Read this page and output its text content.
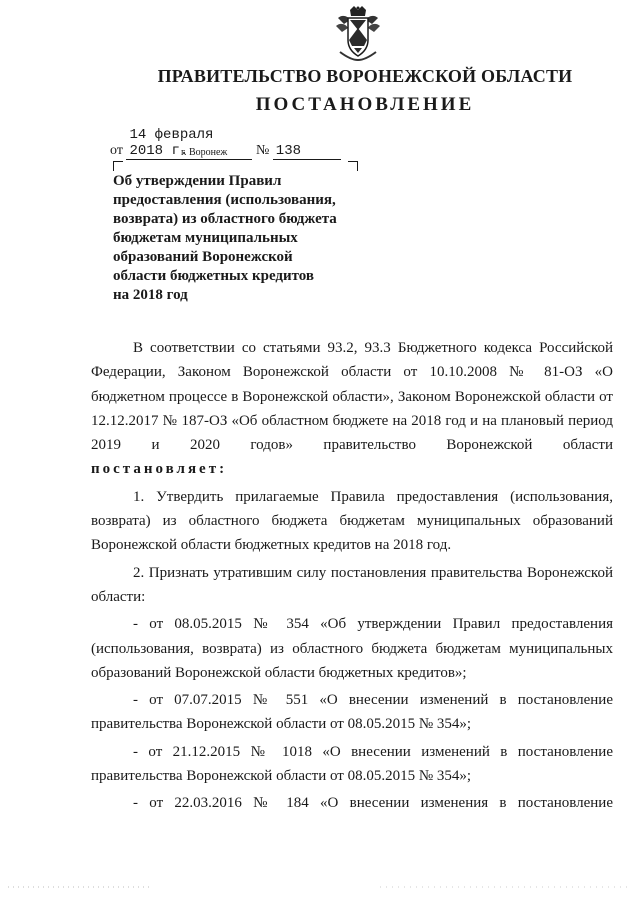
ПРАВИТЕЛЬСТВО ВОРОНЕЖСКОЙ ОБЛАСТИ
ПОСТАНОВЛЕНИЕ
от 14 февраля 2018 г.	№ 138
г. Воронеж
Об утверждении Правил
предоставления (использования,
возврата) из областного бюджета
бюджетам муниципальных
образований Воронежской
области бюджетных кредитов
на 2018 год

В соответствии со статьями 93.2, 93.3 Бюджетного кодекса Российской Федерации, Законом Воронежской области от 10.10.2008 № 81-ОЗ «О бюджетном процессе в Воронежской области», Законом Воронежской области от 12.12.2017 № 187-ОЗ «Об областном бюджете на 2018 год и на плановый период 2019 и 2020 годов» правительство Воронежской области

постановляет:

1. Утвердить прилагаемые Правила предоставления (использования, возврата) из областного бюджета бюджетам муниципальных образований Воронежской области бюджетных кредитов на 2018 год.

2. Признать утратившим силу постановления правительства Воронежской области:

- от 08.05.2015 № 354 «Об утверждении Правил предоставления (использования, возврата) из областного бюджета бюджетам муниципальных образований Воронежской области бюджетных кредитов»;

- от 07.07.2015 № 551 «О внесении изменений в постановление правительства Воронежской области от 08.05.2015 № 354»;

- от 21.12.2015 № 1018 «О внесении изменений в постановление правительства Воронежской области от 08.05.2015 № 354»;

- от 22.03.2016 № 184 «О внесении изменения в постановление
